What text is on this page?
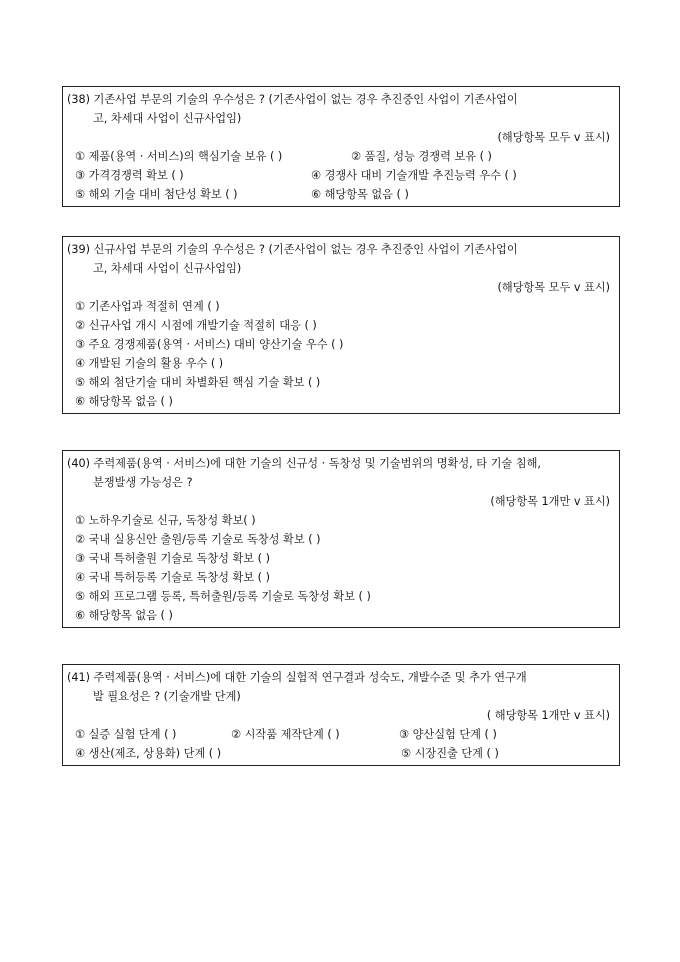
(38) 기존사업 부문의 기술의 우수성은 ? (기존사업이 없는 경우 추진중인 사업이 기존사업이
고, 차세대 사업이 신규사업임)
(해당항목 모두 v 표시)
① 제품(용역 · 서비스)의 핵심기술 보유 ( )	② 품질, 성능 경쟁력 보유 ( )
③ 가격경쟁력 확보 ( )	④ 경쟁사 대비 기술개발 추진능력 우수 ( )
⑤ 해외 기술 대비 첨단성 확보 ( )	⑥ 해당항목 없음 ( )
(39) 신규사업 부문의 기술의 우수성은 ? (기존사업이 없는 경우 추진중인 사업이 기존사업이
고, 차세대 사업이 신규사업임)
(해당항목 모두 v 표시)
① 기존사업과 적절히 연계 ( )
② 신규사업 개시 시점에 개발기술 적절히 대응 ( )
③ 주요 경쟁제품(용역 · 서비스) 대비 양산기술 우수 ( )
④ 개발된 기술의 활용 우수 ( )
⑤ 해외 첨단기술 대비 차별화된 핵심 기술 확보 ( )
⑥ 해당항목 없음 ( )
(40) 주력제품(용역 · 서비스)에 대한 기술의 신규성 · 독창성 및 기술범위의 명확성, 타 기술 침해,
분쟁발생 가능성은 ?
(해당항목 1개만 v 표시)
① 노하우기술로 신규, 독창성 확보( )
② 국내 실용신안 출원/등록 기술로 독창성 확보 ( )
③ 국내 특허출원 기술로 독창성 확보 ( )
④ 국내 특허등록 기술로 독창성 확보 ( )
⑤ 해외 프로그램 등록, 특허출원/등록 기술로 독창성 확보 ( )
⑥ 해당항목 없음 ( )
(41) 주력제품(용역 · 서비스)에 대한 기술의 실험적 연구결과 성숙도, 개발수준 및 추가 연구개
발 필요성은 ? (기술개발 단계)
( 해당항목 1개만 v 표시)
① 실증 실험 단계 ( )	② 시작품 제작단계 ( )	③ 양산실험 단계 ( )
④ 생산(제조, 상용화) 단계 ( )	⑤ 시장진출 단계 ( )
